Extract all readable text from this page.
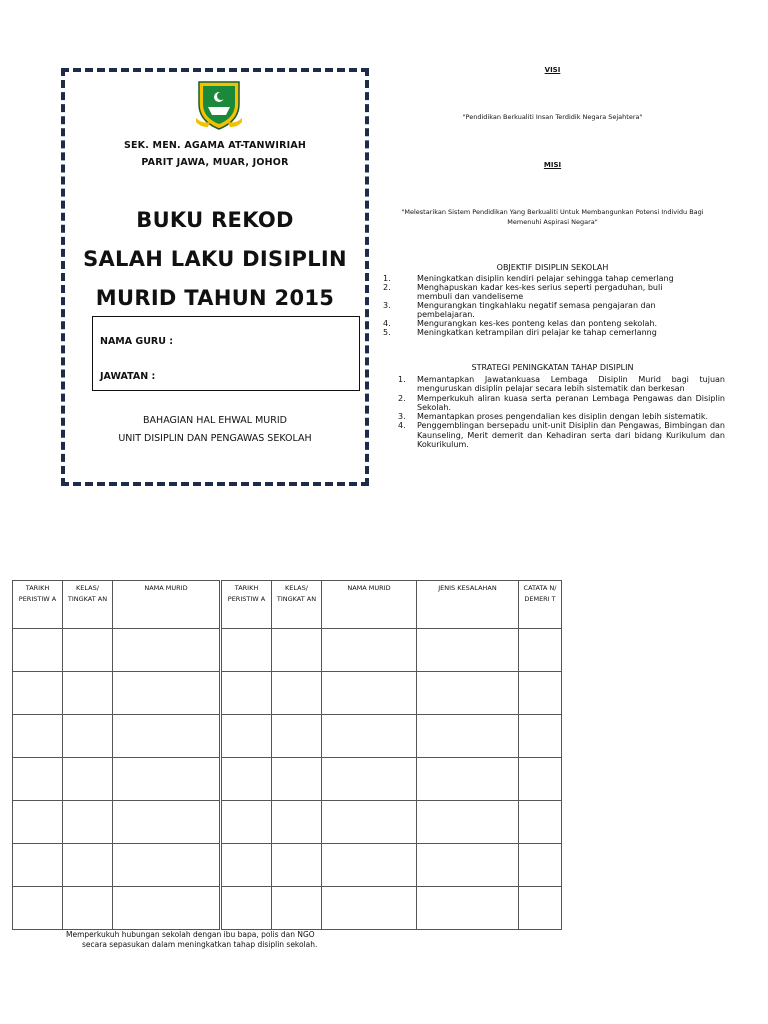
SEK. MEN. AGAMA AT-TANWIRIAH
PARIT JAWA, MUAR, JOHOR
BUKU REKOD
SALAH LAKU DISIPLIN
MURID TAHUN 2015
NAMA GURU :
JAWATAN :
BAHAGIAN HAL EHWAL MURID
UNIT DISIPLIN DAN PENGAWAS SEKOLAH
VISI
"Pendidikan Berkualiti Insan Terdidik Negara Sejahtera"
MISI
"Melestarikan Sistem Pendidikan Yang Berkualiti Untuk Membangunkan Potensi Individu Bagi Memenuhi Aspirasi Negara"
OBJEKTIF DISIPLIN SEKOLAH
1.	Meningkatkan disiplin kendiri pelajar sehingga tahap cemerlang
2.	Menghapuskan kadar kes-kes serius seperti pergaduhan, buli membuli dan vandeliseme
3.	Mengurangkan tingkahlaku negatif semasa pengajaran dan pembelajaran.
4.	Mengurangkan kes-kes ponteng kelas dan ponteng sekolah.
5.	Meningkatkan ketrampilan diri pelajar ke tahap cemerlanng
STRATEGI PENINGKATAN TAHAP DISIPLIN
1. Memantapkan Jawatankuasa Lembaga Disiplin Murid bagi tujuan menguruskan disiplin pelajar secara lebih sistematik dan berkesan
2. Memperkukuh aliran kuasa serta peranan Lembaga Pengawas dan Disiplin Sekolah.
3. Memantapkan proses pengendalian kes disiplin dengan lebih sistematik.
4. Penggemblingan bersepadu unit-unit Disiplin dan Pengawas, Bimbingan dan Kaunseling, Merit demerit dan Kehadiran serta dari bidang Kurikulum dan Kokurikulum.
TARIKH PERISTIW A	KELAS/ TINGKAT AN	NAMA MURID

			TARIKH PERISTIW A	KELAS/ TINGKAT AN	NAMA MURID	JENIS KESALAHAN	CATATA N/ DEMERI T

Memperkukuh hubungan sekolah dengan ibu bapa, polis dan NGO
secara sepasukan dalam meningkatkan tahap disiplin sekolah.
